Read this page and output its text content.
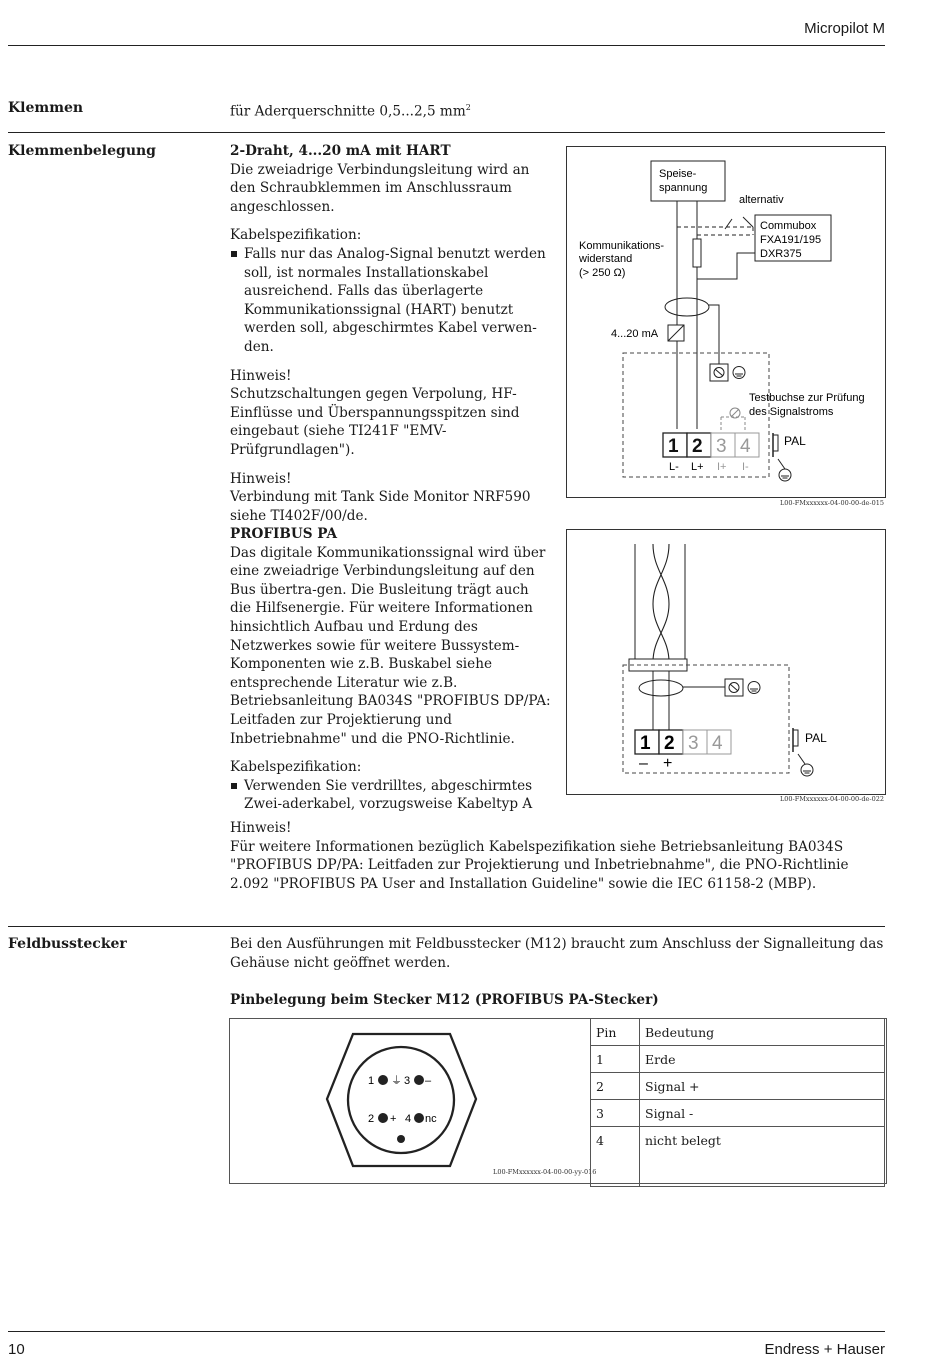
Micropilot M
Klemmen	für Aderquerschnitte 0,5...2,5 $mm^2$
Klemmenbelegung	2-Draht, 4...20 mA mit HART
Die zweiadrige Verbindungsleitung wird an den Schraubklemmen im Anschlussraum angeschlossen.

Kabelspezifikation:

Falls nur das Analog-Signal benutzt werden soll, ist normales Installationskabel ausreichend. Falls das überlagerte Kommunikationssignal (HART) benutzt werden soll, abgeschirmtes Kabel verwen-den.

Hinweis!
Schutzschaltungen gegen Verpolung, HF-Einflüsse und Überspannungsspitzen sind eingebaut (siehe TI241F "EMV-Prüfgrundlagen").

Hinweis!
Verbindung mit Tank Side Monitor NRF590 siehe TI402F/00/de.

Speise-
spannung
alternativ
Commubox
FXA191/195
DXR375
Kommunikations-
widerstand
(> 250 Ω)
4...20 mA
Testbuchse zur Prüfung
des Signalstroms
1 2 3 4
L- L+ I+ I-
PAL
L00-FMxxxxxx-04-00-00-de-015

PROFIBUS PA
Das digitale Kommunikationssignal wird über eine zweiadrige Verbindungsleitung auf den Bus übertra-gen. Die Busleitung trägt auch die Hilfsenergie. Für weitere Informationen hinsichtlich Aufbau und Erdung des Netzwerkes sowie für weitere Bussystem-Komponenten wie z.B. Buskabel siehe entsprechende Literatur wie z.B. Betriebsanleitung BA034S "PROFIBUS DP/PA: Leitfaden zur Projektierung und Inbetriebnahme" und die PNO-Richtlinie.

Kabelspezifikation:

Verwenden Sie verdrilltes, abgeschirmtes Zwei-aderkabel, vorzugsweise Kabeltyp A

1 2 3 4
– +
PAL
L00-FMxxxxxx-04-00-00-de-022

Hinweis!
Für weitere Informationen bezüglich Kabelspezifikation siehe Betriebsanleitung BA034S "PROFIBUS DP/PA: Leitfaden zur Projektierung und Inbetriebnahme", die PNO-Richtlinie 2.092 "PROFIBUS PA User and Installation Guideline" sowie die IEC 61158-2 (MBP).

Feldbusstecker	Bei den Ausführungen mit Feldbusstecker (M12) braucht zum Anschluss der Signalleitung das Gehäuse nicht geöffnet werden.
Pinbelegung beim Stecker M12 (PROFIBUS PA-Stecker)
1 ⏚ 3 –
2 + 4 nc
L00-FMxxxxxx-04-00-00-yy-016
Pin	Bedeutung
1	Erde
2	Signal +
3	Signal -
4	nicht belegt
10	Endress + Hauser
